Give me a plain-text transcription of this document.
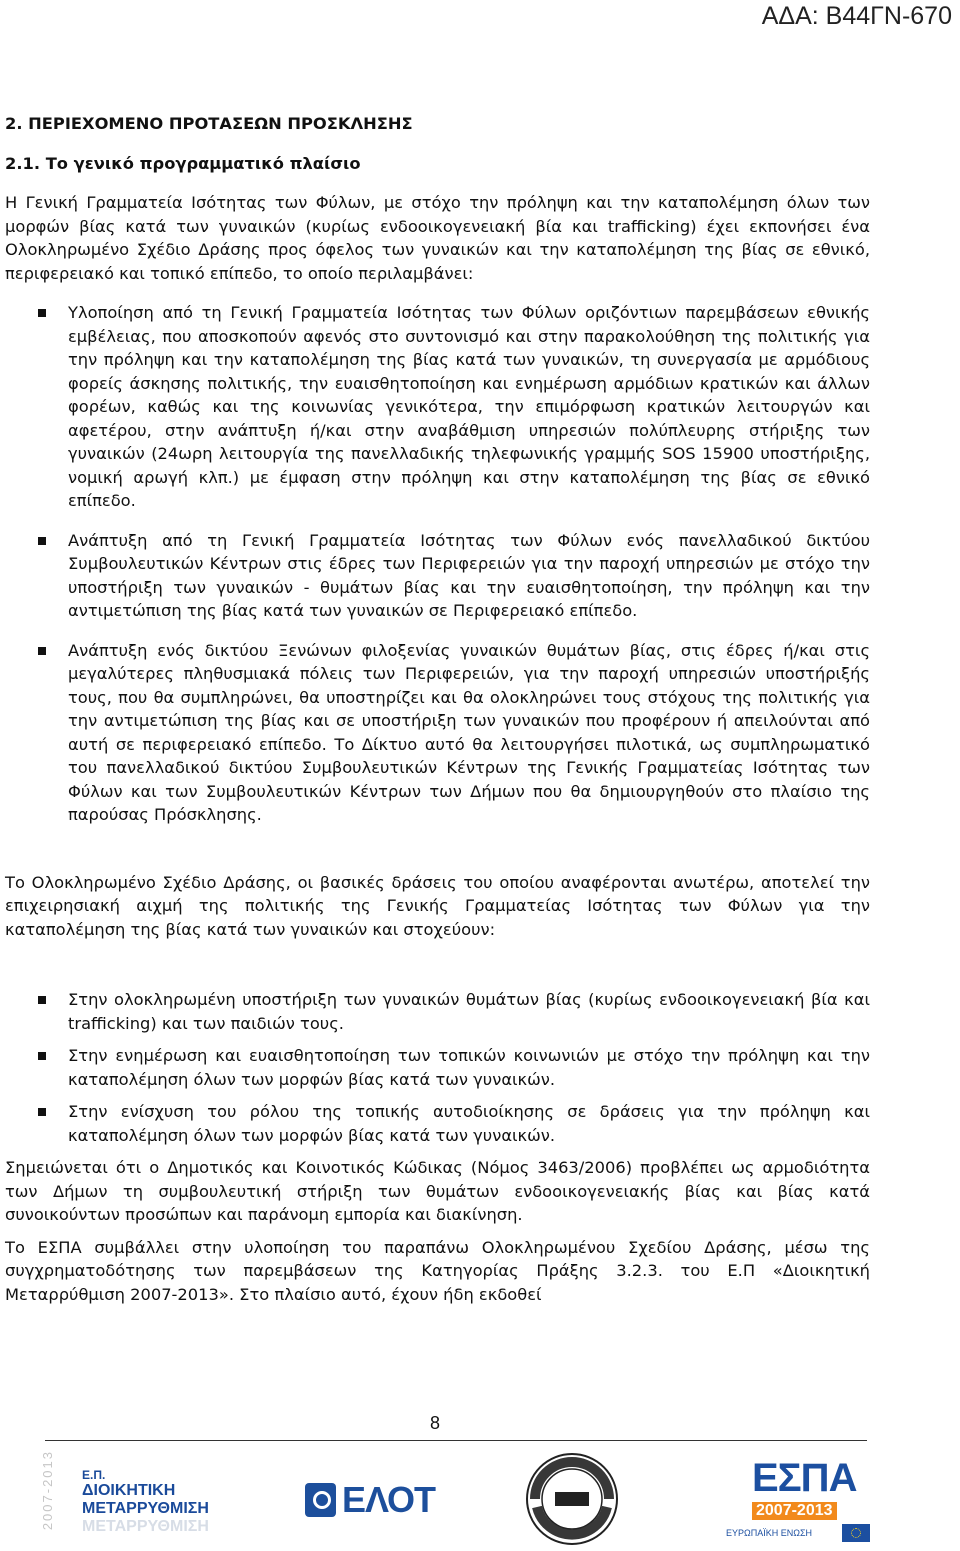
ΑΔΑ: Β44ΓΝ-670
2. ΠΕΡΙΕΧΟΜΕΝΟ ΠΡΟΤΑΣΕΩΝ ΠΡΟΣΚΛΗΣΗΣ
2.1. Το γενικό προγραμματικό πλαίσιο

Η Γενική Γραμματεία Ισότητας των Φύλων, με στόχο την πρόληψη και την καταπολέμηση όλων των μορφών βίας κατά των γυναικών (κυρίως ενδοοικογενειακή βία και trafficking) έχει εκπονήσει ένα Ολοκληρωμένο Σχέδιο Δράσης προς όφελος των γυναικών και την καταπολέμηση της βίας σε εθνικό, περιφερειακό και τοπικό επίπεδο, το οποίο περιλαμβάνει:

Υλοποίηση από τη Γενική Γραμματεία Ισότητας των Φύλων οριζόντιων παρεμβάσεων εθνικής εμβέλειας, που αποσκοπούν αφενός στο συντονισμό και στην παρακολούθηση της πολιτικής για την πρόληψη και την καταπολέμηση της βίας κατά των γυναικών, τη συνεργασία με αρμόδιους φορείς άσκησης πολιτικής, την ευαισθητοποίηση και ενημέρωση αρμόδιων κρατικών και άλλων φορέων, καθώς και της κοινωνίας γενικότερα, την επιμόρφωση κρατικών λειτουργών και αφετέρου, στην ανάπτυξη ή/και στην αναβάθμιση υπηρεσιών πολύπλευρης στήριξης των γυναικών (24ωρη λειτουργία της πανελλαδικής τηλεφωνικής γραμμής SOS 15900 υποστήριξης, νομική αρωγή κλπ.) με έμφαση στην πρόληψη και στην καταπολέμηση της βίας σε εθνικό επίπεδο.
Ανάπτυξη από τη Γενική Γραμματεία Ισότητας των Φύλων ενός πανελλαδικού δικτύου Συμβουλευτικών Κέντρων στις έδρες των Περιφερειών για την παροχή υπηρεσιών με στόχο την υποστήριξη των γυναικών - θυμάτων βίας και την ευαισθητοποίηση, την πρόληψη και την αντιμετώπιση της βίας κατά των γυναικών σε Περιφερειακό επίπεδο.
Ανάπτυξη ενός δικτύου Ξενώνων φιλοξενίας γυναικών θυμάτων βίας, στις έδρες ή/και στις μεγαλύτερες πληθυσμιακά πόλεις των Περιφερειών, για την παροχή υπηρεσιών υποστήριξής τους, που θα συμπληρώνει, θα υποστηρίζει και θα ολοκληρώνει τους στόχους της πολιτικής για την αντιμετώπιση της βίας και σε υποστήριξη των γυναικών που προφέρουν ή απειλούνται από αυτή σε περιφερειακό επίπεδο. Το Δίκτυο αυτό θα λειτουργήσει πιλοτικά, ως συμπληρωματικό του πανελλαδικού δικτύου Συμβουλευτικών Κέντρων της Γενικής Γραμματείας Ισότητας των Φύλων και των Συμβουλευτικών Κέντρων των Δήμων που θα δημιουργηθούν στο πλαίσιο της παρούσας Πρόσκλησης.

Το Ολοκληρωμένο Σχέδιο Δράσης, οι βασικές δράσεις του οποίου αναφέρονται ανωτέρω, αποτελεί την επιχειρησιακή αιχμή της πολιτικής της Γενικής Γραμματείας Ισότητας των Φύλων για την καταπολέμηση της βίας κατά των γυναικών και στοχεύουν:

Στην ολοκληρωμένη υποστήριξη των γυναικών θυμάτων βίας (κυρίως ενδοοικογενειακή βία και trafficking) και των παιδιών τους.
Στην ενημέρωση και ευαισθητοποίηση των τοπικών κοινωνιών με στόχο την πρόληψη και την καταπολέμηση όλων των μορφών βίας κατά των γυναικών.
Στην ενίσχυση του ρόλου της τοπικής αυτοδιοίκησης σε δράσεις για την πρόληψη και καταπολέμηση όλων των μορφών βίας κατά των γυναικών.

Σημειώνεται ότι ο Δημοτικός και Κοινοτικός Κώδικας (Νόμος 3463/2006) προβλέπει ως αρμοδιότητα των Δήμων τη συμβουλευτική στήριξη των θυμάτων ενδοοικογενειακής βίας και βίας κατά συνοικούντων προσώπων και παράνομη εμπορία και διακίνηση.

Το ΕΣΠΑ συμβάλλει στην υλοποίηση του παραπάνω Ολοκληρωμένου Σχεδίου Δράσης, μέσω της συγχρηματοδότησης των παρεμβάσεων της Κατηγορίας Πράξης 3.2.3. του Ε.Π «Διοικητική Μεταρρύθμιση 2007-2013». Στο πλαίσιο αυτό, έχουν ήδη εκδοθεί

8
2007-2013 Ε.Π.
ΔΙΟΙΚΗΤΙΚΗ
ΜΕΤΑΡΡΥΘΜΙΣΗ
ΜΕΤΑΡΡΥΘΜΙΣΗ
ΕΛΟΤ	ΕΣΠΑ
2007-2013
ΕΥΡΩΠΑΪΚΗ ΕΝΩΣΗ
